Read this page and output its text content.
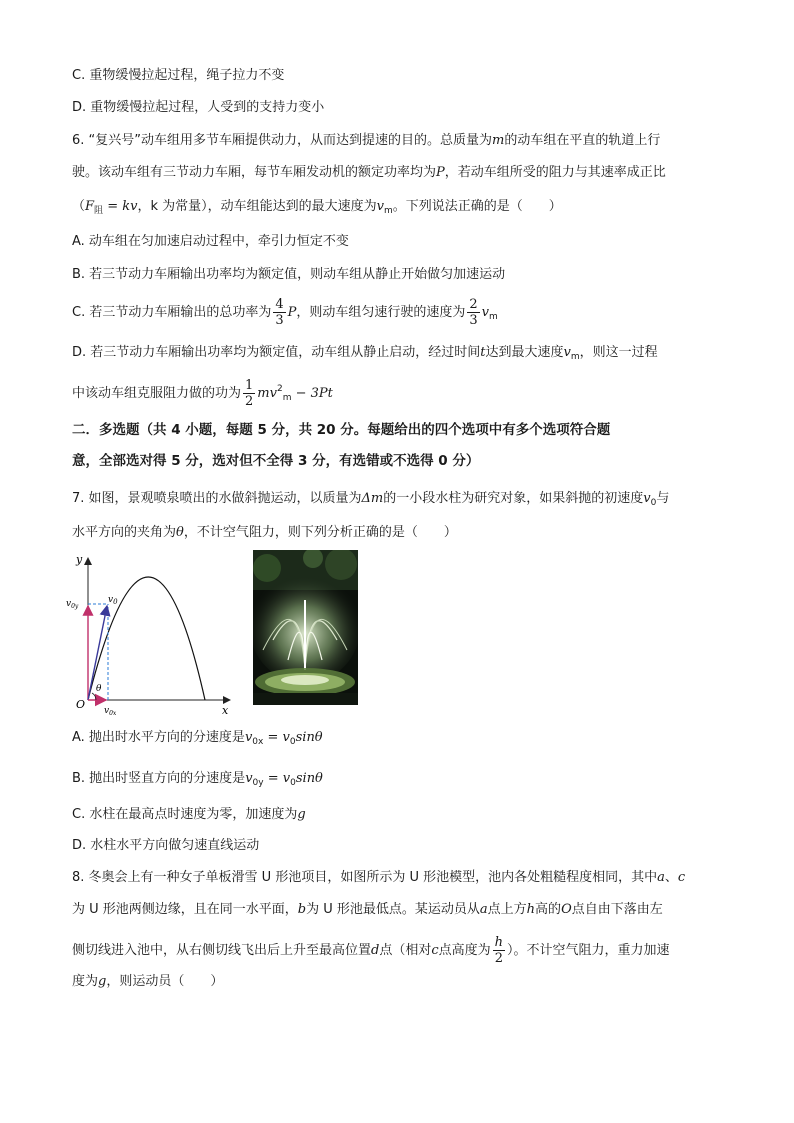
C. 重物缓慢拉起过程，绳子拉力不变
D. 重物缓慢拉起过程，人受到的支持力变小
6. “复兴号”动车组用多节车厢提供动力，从而达到提速的目的。总质量为m的动车组在平直的轨道上行
驶。该动车组有三节动力车厢，每节车厢发动机的额定功率均为P，若动车组所受的阻力与其速率成正比
（$F_阻$ = kv，k 为常量），动车组能达到的最大速度为$v_m$。下列说法正确的是（　　）
A. 动车组在匀加速启动过程中，牵引力恒定不变
B. 若三节动力车厢输出功率均为额定值，则动车组从静止开始做匀加速运动
C. 若三节动力车厢输出的总功率为 $\frac{4}{3}$ P，则动车组匀速行驶的速度为 $\frac{2}{3} v_m$
D. 若三节动力车厢输出功率均为额定值，动车组从静止启动，经过时间t达到最大速度$v_m$，则这一过程
中该动车组克服阻力做的功为 $\frac{1}{2} mv^2_m - 3Pt$
二．多选题（共 4 小题，每题 5 分，共 20 分。每题给出的四个选项中有多个选项符合题
意，全部选对得 5 分，选对但不全得 3 分，有选错或不选得 0 分）
7. 如图，景观喷泉喷出的水做斜抛运动，以质量为Δm的一小段水柱为研究对象，如果斜抛的初速度$v_0$与
水平方向的夹角为θ，不计空气阻力，则下列分析正确的是（　　）
y
x
O
$v_0$
$v_{0y}$
$v_{0x}$
θ
A. 抛出时水平方向的分速度是$v_{0x} = v_0\sin\theta$
B. 抛出时竖直方向的分速度是$v_{0y} = v_0\sin\theta$
C. 水柱在最高点时速度为零，加速度为g
D. 水柱水平方向做匀速直线运动
8. 冬奥会上有一种女子单板滑雪 U 形池项目，如图所示为 U 形池模型，池内各处粗糙程度相同，其中a、c
为 U 形池两侧边缘，且在同一水平面，b为 U 形池最低点。某运动员从a点上方h高的O点自由下落由左
侧切线进入池中，从右侧切线飞出后上升至最高位置d点（相对c点高度为 $\frac{h}{2}$ ）。不计空气阻力，重力加速
度为g，则运动员（　　）
